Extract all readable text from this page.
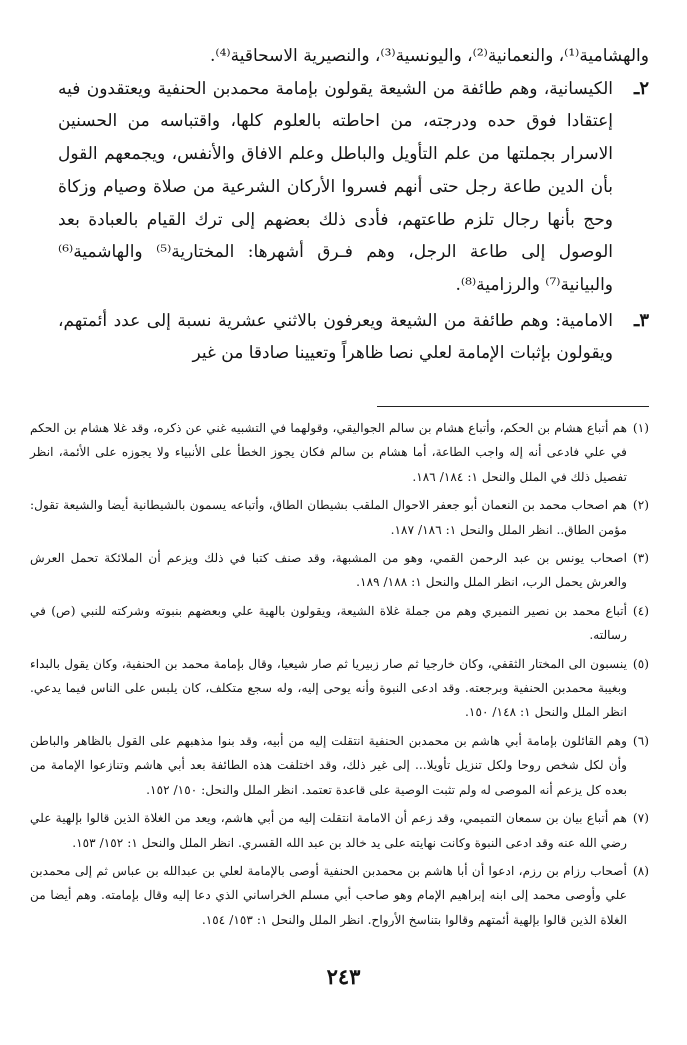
والهشامية⁽¹⁾، والنعمانية⁽²⁾، واليونسية⁽³⁾، والنصيرية الاسحاقية⁽⁴⁾.

٢ـ

الكيسانية، وهم طائفة من الشيعة يقولون بإمامة محمدبن الحنفية ويعتقدون فيه إعتقادا فوق حده ودرجته، من احاطته بالعلوم كلها، واقتباسه من الحسنين الاسرار بجملتها من علم التأويل والباطل وعلم الافاق والأنفس، ويجمعهم القول بأن الدين طاعة رجل حتى أنهم فسروا الأركان الشرعية من صلاة وصيام وزكاة وحج بأنها رجال تلزم طاعتهم، فأدى ذلك بعضهم إلى ترك القيام بالعبادة بعد الوصول إلى طاعة الرجل، وهم فـرق أشهرها: المختارية⁽⁵⁾ والهاشمية⁽⁶⁾ والبيانية⁽⁷⁾ والرزامية⁽⁸⁾.

٣ـ

الامامية: وهم طائفة من الشيعة ويعرفون بالاثني عشرية نسبة إلى عدد أئمتهم، ويقولون بإثبات الإمامة لعلي نصا ظاهراً وتعيينا صادقا من غير

(١)
هم أتباع هشام بن الحكم، وأتباع هشام بن سالم الجواليقي، وقولهما في التشبيه غني عن ذكره، وقد غلا هشام بن الحكم في علي فادعى أنه إله واجب الطاعة، أما هشام بن سالم فكان يجوز الخطأ على الأنبياء ولا يجوزه على الأئمة، انظر تفصيل ذلك في الملل والنحل ١: ١٨٤/ ١٨٦.

(٢)
هم اصحاب محمد بن النعمان أبو جعفر الاحوال الملقب بشيطان الطاق، وأتباعه يسمون بالشيطانية أيضا والشيعة تقول: مؤمن الطاق.. انظر الملل والنحل ١: ١٨٦/ ١٨٧.

(٣)
اصحاب يونس بن عبد الرحمن القمي، وهو من المشبهة، وقد صنف كتبا في ذلك ويزعم أن الملائكة تحمل العرش والعرش يحمل الرب، انظر الملل والنحل ١: ١٨٨/ ١٨٩.

(٤)
أتباع محمد بن نصير النميري وهم من جملة غلاة الشيعة، ويقولون بالهية علي وبعضهم بنبوته وشركته للنبي (ص) في رسالته.

(٥)
ينسبون الى المختار الثقفي، وكان خارجيا ثم صار زبيريا ثم صار شيعيا، وقال بإمامة محمد بن الحنفية، وكان يقول بالبداء وبغيبة محمدبن الحنفية وبرجعته. وقد ادعى النبوة وأنه يوحى إليه، وله سجع متكلف، كان يلبس على الناس فيما يدعي. انظر الملل والنحل ١: ١٤٨/ ١٥٠.

(٦)
وهم القائلون بإمامة أبي هاشم بن محمدبن الحنفية انتقلت إليه من أبيه، وقد بنوا مذهبهم على القول بالظاهر والباطن وأن لكل شخص روحا ولكل تنزيل تأويلا... إلى غير ذلك، وقد اختلفت هذه الطائفة بعد أبي هاشم وتنازعوا الإمامة من بعده كل يزعم أنه الموصى له ولم تثبت الوصية على قاعدة تعتمد. انظر الملل والنحل: ١٥٠/ ١٥٢.

(٧)
هم أتباع بيان بن سمعان التميمي، وقد زعم أن الامامة انتقلت إليه من أبي هاشم، ويعد من الغلاة الذين قالوا بإلهية علي رضي الله عنه وقد ادعى النبوة وكانت نهايته على يد خالد بن عبد الله القسري. انظر الملل والنحل ١: ١٥٢/ ١٥٣.

(٨)
أصحاب رزام بن رزم، ادعوا أن أبا هاشم بن محمدبن الحنفية أوصى بالإمامة لعلي بن عبدالله بن عباس ثم إلى محمدبن علي وأوصى محمد إلى ابنه إبراهيم الإمام وهو صاحب أبي مسلم الخراساني الذي دعا إليه وقال بإمامته. وهم أيضا من الغلاة الذين قالوا بإلهية أئمتهم وقالوا بتناسخ الأرواح. انظر الملل والنحل ١: ١٥٣/ ١٥٤.

٢٤٣
